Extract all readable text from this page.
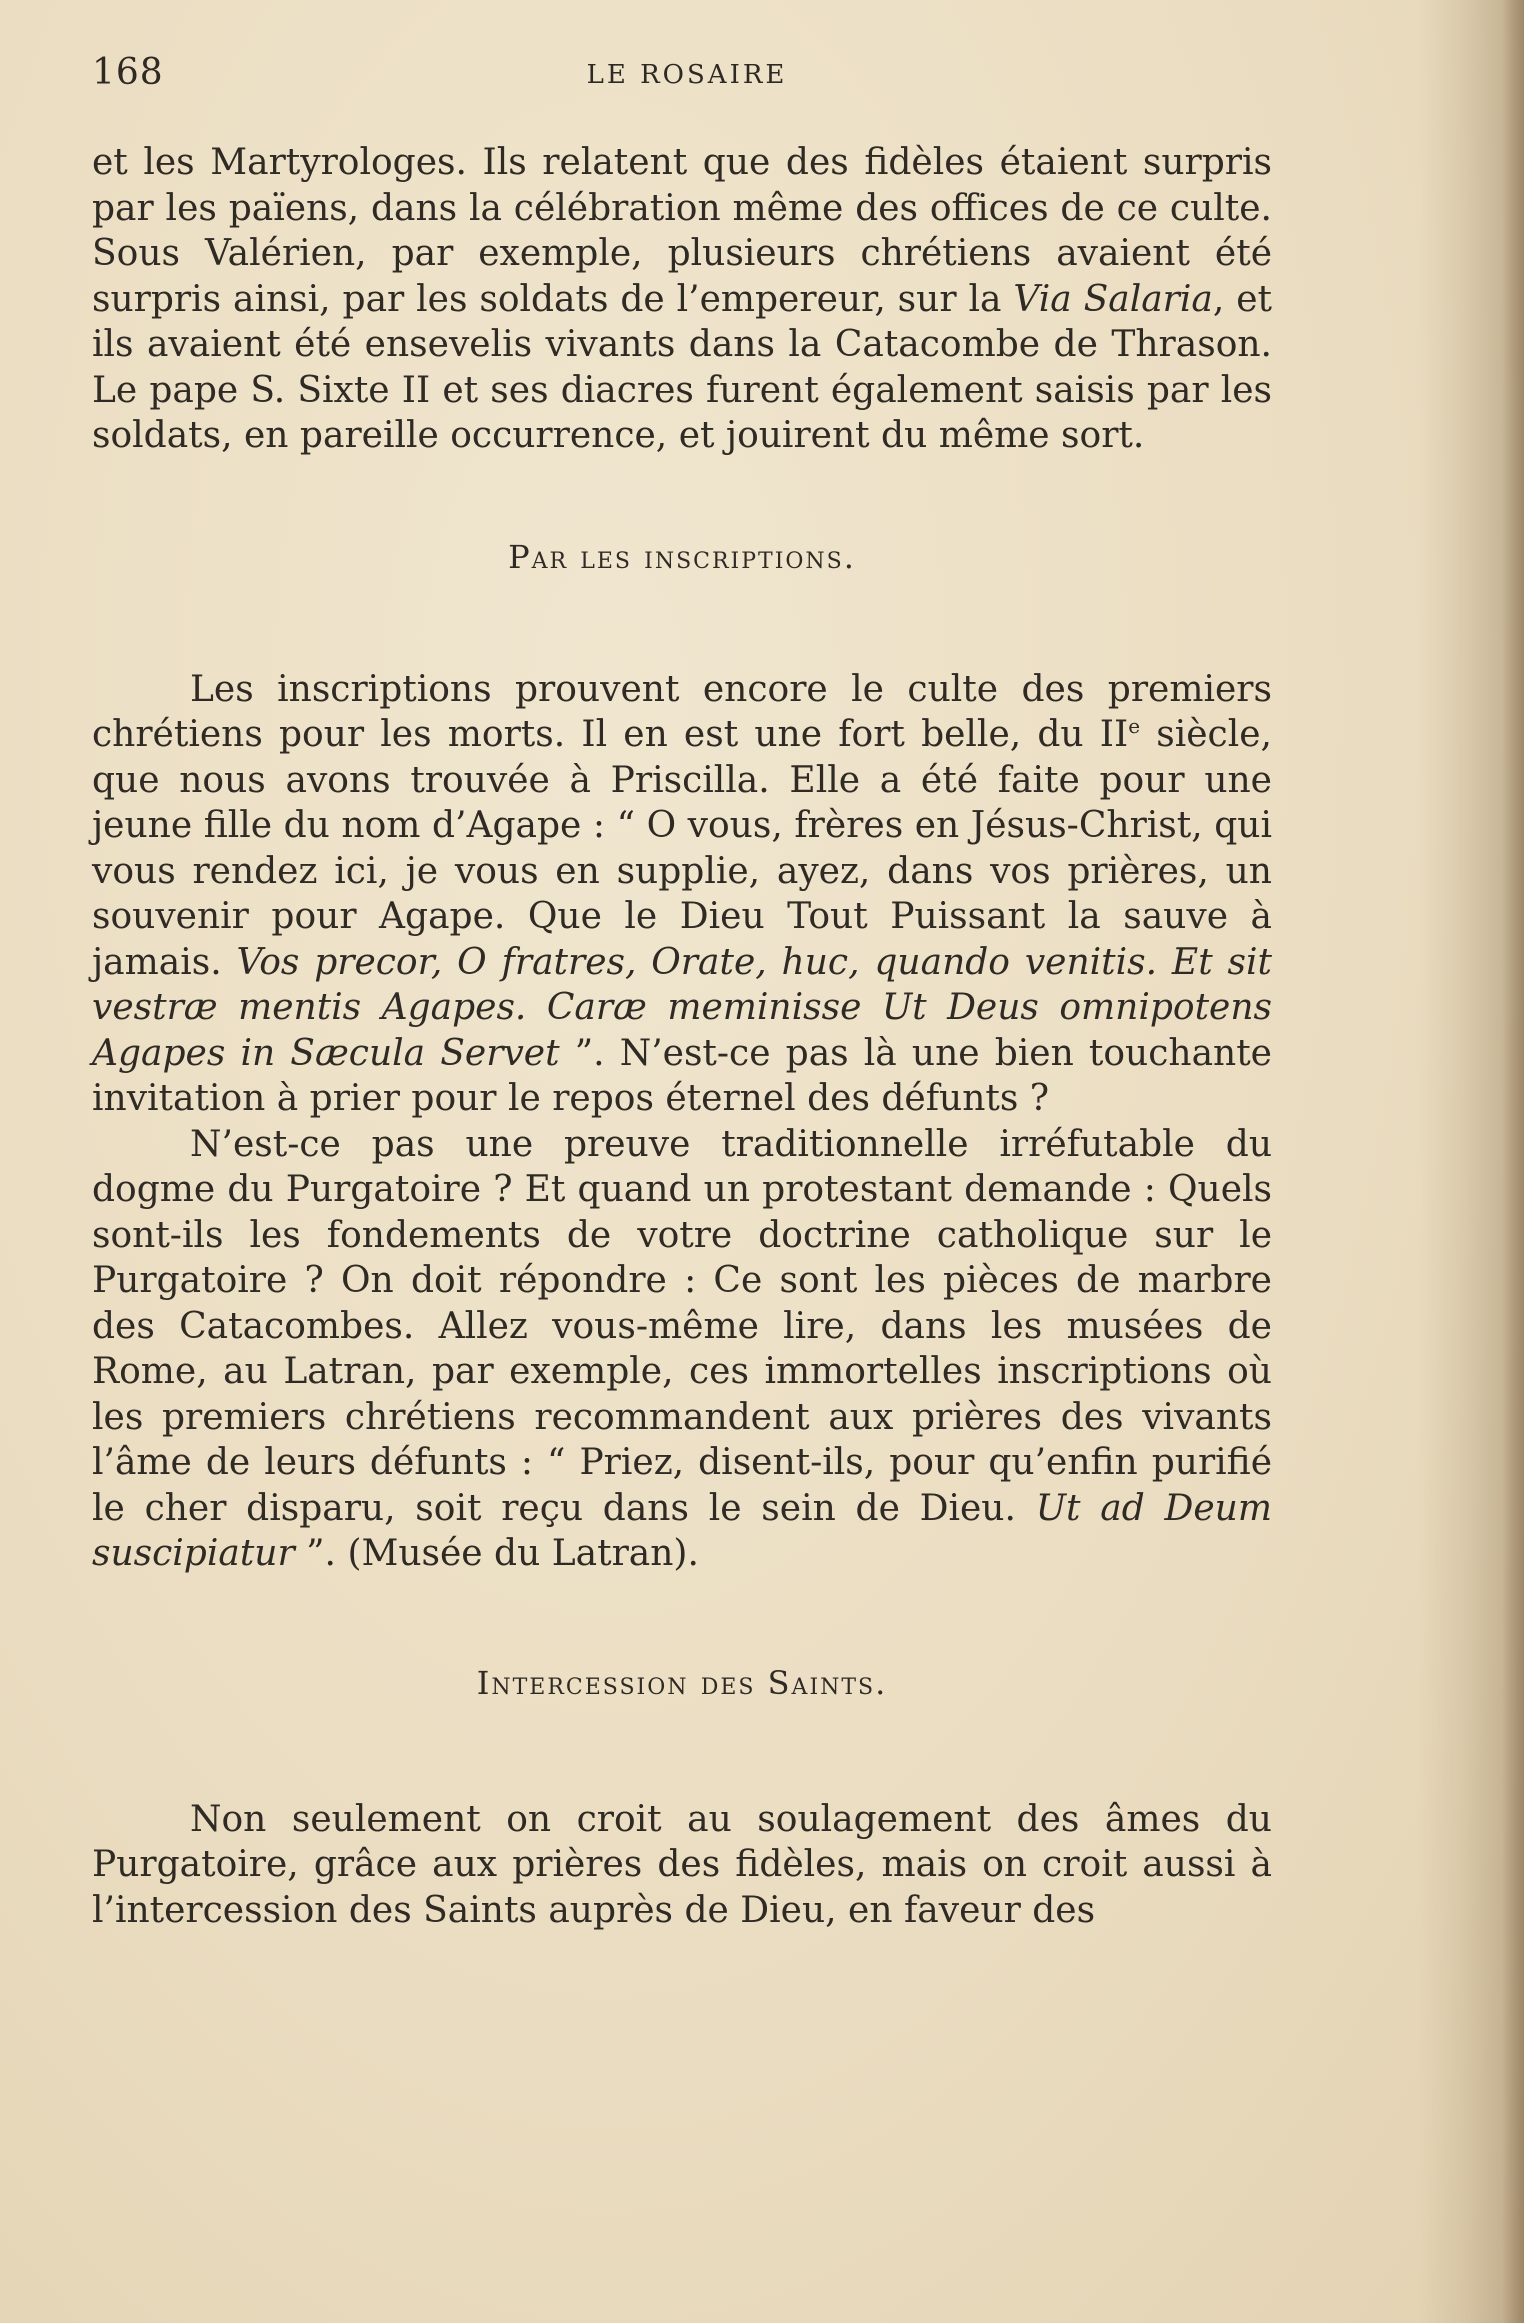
168	LE ROSAIRE

et les Martyrologes. Ils relatent que des fidèles étaient surpris par les païens, dans la célébration même des offices de ce culte. Sous Valérien, par exemple, plusieurs chrétiens avaient été surpris ainsi, par les soldats de l’empereur, sur la Via Salaria, et ils avaient été ensevelis vivants dans la Catacombe de Thrason. Le pape S. Sixte II et ses diacres furent également saisis par les soldats, en pareille occurrence, et jouirent du même sort.

Par les inscriptions.

Les inscriptions prouvent encore le culte des premiers chrétiens pour les morts. Il en est une fort belle, du IIe siècle, que nous avons trouvée à Priscilla. Elle a été faite pour une jeune fille du nom d’Agape : “ O vous, frères en Jésus-Christ, qui vous rendez ici, je vous en supplie, ayez, dans vos prières, un souvenir pour Agape. Que le Dieu Tout Puissant la sauve à jamais. Vos precor, O fratres, Orate, huc, quando venitis. Et sit vestræ mentis Agapes. Caræ meminisse Ut Deus omnipotens Agapes in Sæcula Servet ”. N’est-ce pas là une bien touchante invitation à prier pour le repos éternel des défunts ?

N’est-ce pas une preuve traditionnelle irréfutable du dogme du Purgatoire ? Et quand un protestant demande : Quels sont-ils les fondements de votre doctrine catholique sur le Purgatoire ? On doit répondre : Ce sont les pièces de marbre des Catacombes. Allez vous-même lire, dans les musées de Rome, au Latran, par exemple, ces immortelles inscriptions où les premiers chrétiens recommandent aux prières des vivants l’âme de leurs défunts : “ Priez, disent-ils, pour qu’enfin purifié le cher disparu, soit reçu dans le sein de Dieu. Ut ad Deum suscipiatur ”. (Musée du Latran).

Intercession des Saints.

Non seulement on croit au soulagement des âmes du Purgatoire, grâce aux prières des fidèles, mais on croit aussi à l’intercession des Saints auprès de Dieu, en faveur des
